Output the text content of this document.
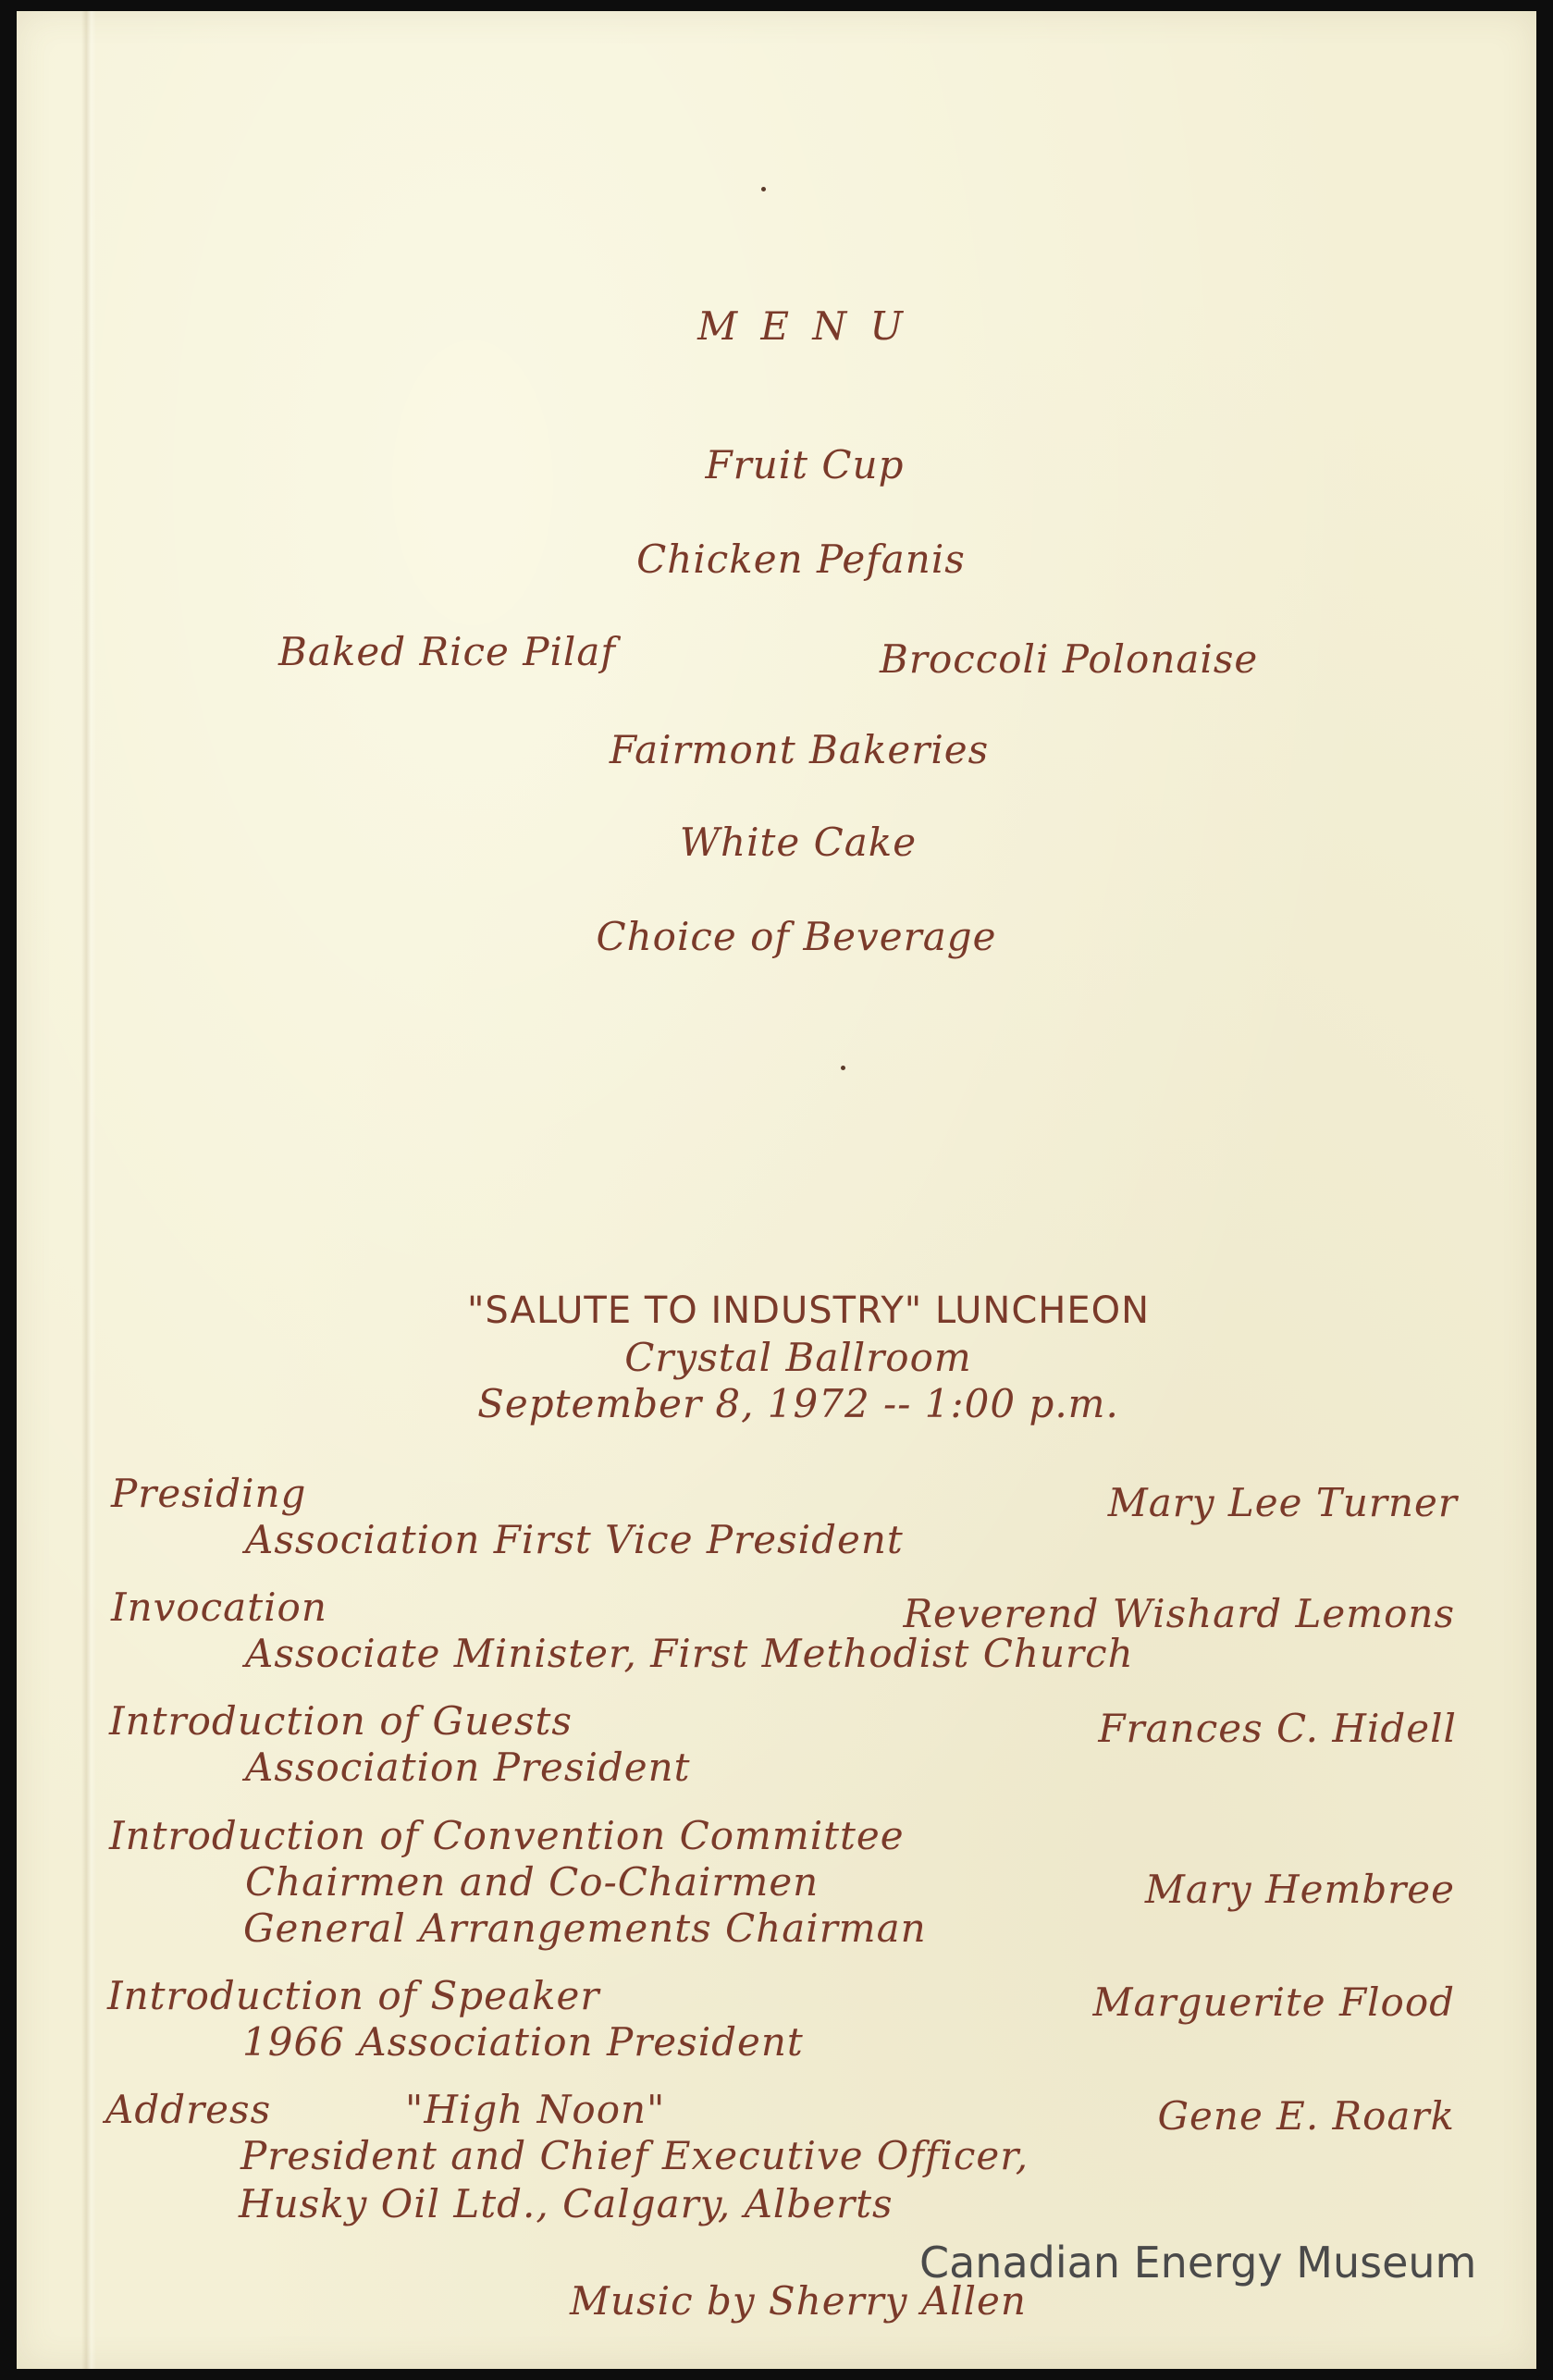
M E N U
Fruit Cup
Chicken Pefanis
Baked Rice Pilaf	Broccoli Polonaise
Fairmont Bakeries
White Cake
Choice of Beverage
"SALUTE TO INDUSTRY" LUNCHEON
Crystal Ballroom
September 8, 1972 -- 1:00 p.m.
Presiding	Mary Lee Turner
Association First Vice President
Invocation	Reverend Wishard Lemons
Associate Minister, First Methodist Church
Introduction of Guests	Frances C. Hidell
Association President
Introduction of Convention Committee
Chairmen and Co-Chairmen	Mary Hembree
General Arrangements Chairman
Introduction of Speaker	Marguerite Flood
1966 Association President
Address	"High Noon"	Gene E. Roark
President and Chief Executive Officer,
Husky Oil Ltd., Calgary, Alberts
Music by Sherry Allen
Canadian Energy Museum
